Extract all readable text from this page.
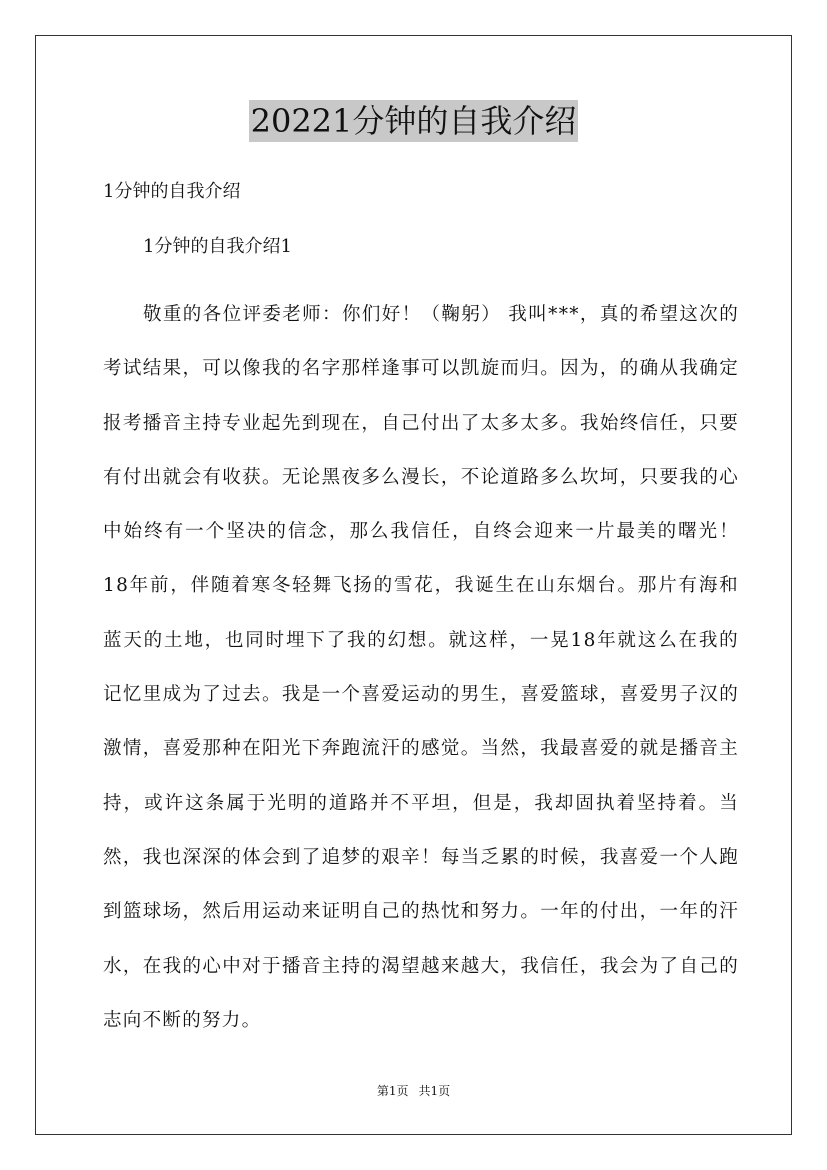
20221分钟的自我介绍
1分钟的自我介绍
1分钟的自我介绍1

敬重的各位评委老师：你们好！（鞠躬） 我叫***，真的希望这次的考试结果，可以像我的名字那样逢事可以凯旋而归。因为，的确从我确定报考播音主持专业起先到现在，自己付出了太多太多。我始终信任，只要有付出就会有收获。无论黑夜多么漫长，不论道路多么坎坷，只要我的心中始终有一个坚决的信念，那么我信任，自终会迎来一片最美的曙光！18年前，伴随着寒冬轻舞飞扬的雪花，我诞生在山东烟台。那片有海和蓝天的土地，也同时埋下了我的幻想。就这样，一晃18年就这么在我的记忆里成为了过去。我是一个喜爱运动的男生，喜爱篮球，喜爱男子汉的激情，喜爱那种在阳光下奔跑流汗的感觉。当然，我最喜爱的就是播音主持，或许这条属于光明的道路并不平坦，但是，我却固执着坚持着。当然，我也深深的体会到了追梦的艰辛！每当乏累的时候，我喜爱一个人跑到篮球场，然后用运动来证明自己的热忱和努力。一年的付出，一年的汗水，在我的心中对于播音主持的渴望越来越大，我信任，我会为了自己的志向不断的努力。

第1页 共1页
